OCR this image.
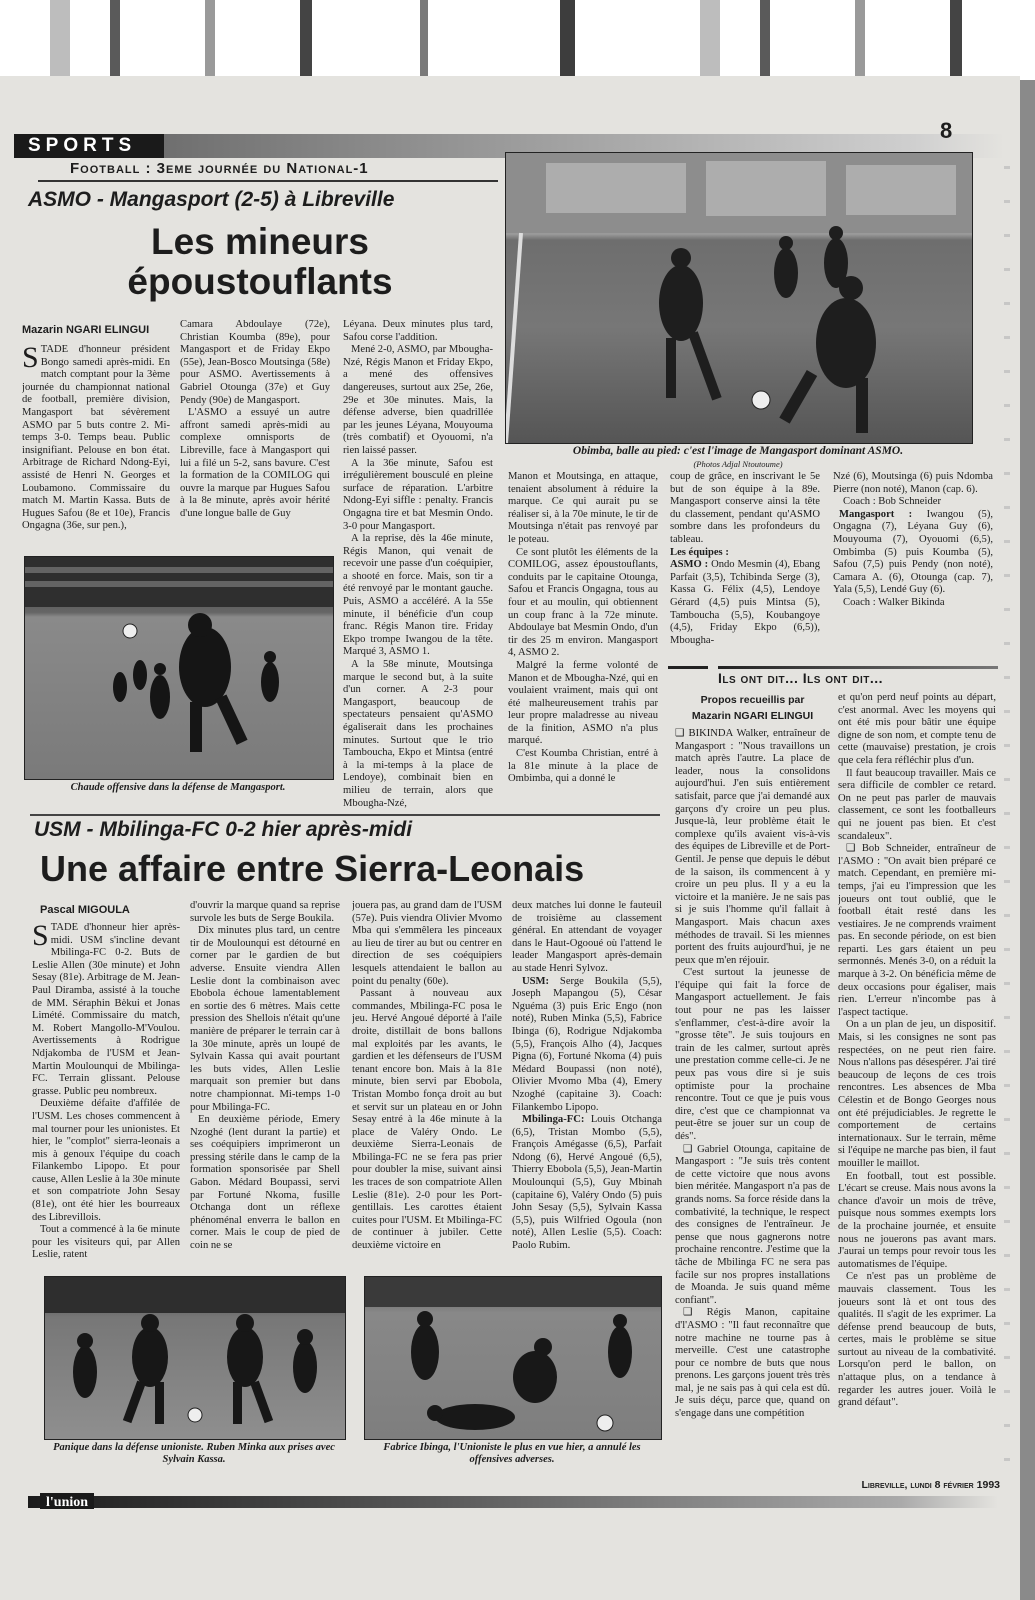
SPORTS
8
Football : 3eme journée du National-1
ASMO - Mangasport (2-5) à Libreville
Les mineurs
époustouflants
Obimba, balle au pied: c'est l'image de Mangasport dominant ASMO.
(Photos Adjal Ntoutoume)
Mazarin NGARI ELINGUI
STADE d'honneur président Bongo samedi après-midi. En match comptant pour la 3ème journée du championnat national de football, première division, Mangasport bat sévèrement ASMO par 5 buts contre 2. Mi-temps 3-0. Temps beau. Public insignifiant. Pelouse en bon état. Arbitrage de Richard Ndong-Eyi, assisté de Henri N. Georges et Loubamono. Commissaire du match M. Martin Kassa. Buts de Hugues Safou (8e et 10e), Francis Ongagna (36e, sur pen.),

Camara Abdoulaye (72e), Christian Koumba (89e), pour Mangasport et de Friday Ekpo (55e), Jean-Bosco Moutsinga (58e) pour ASMO. Avertissements à Gabriel Otounga (37e) et Guy Pendy (90e) de Mangasport.

L'ASMO a essuyé un autre affront samedi après-midi au complexe omnisports de Libreville, face à Mangasport qui lui a filé un 5-2, sans bavure. C'est la formation de la COMILOG qui ouvre la marque par Hugues Safou à la 8e minute, après avoir hérité d'une longue balle de Guy

Léyana. Deux minutes plus tard, Safou corse l'addition.

Mené 2-0, ASMO, par Mbougha-Nzé, Régis Manon et Friday Ekpo, a mené des offensives dangereuses, surtout aux 25e, 26e, 29e et 30e minutes. Mais, la défense adverse, bien quadrillée par les jeunes Léyana, Mouyouma (très combatif) et Oyouomi, n'a rien laissé passer.

A la 36e minute, Safou est irrégulièrement bousculé en pleine surface de réparation. L'arbitre Ndong-Eyi siffle : penalty. Francis Ongagna tire et bat Mesmin Ondo. 3-0 pour Mangasport.

A la reprise, dès la 46e minute, Régis Manon, qui venait de recevoir une passe d'un coéquipier, a shooté en force. Mais, son tir a été renvoyé par le montant gauche. Puis, ASMO a accéléré. A la 55e minute, il bénéficie d'un coup franc. Régis Manon tire. Friday Ekpo trompe Iwangou de la tête. Marqué 3, ASMO 1.

A la 58e minute, Moutsinga marque le second but, à la suite d'un corner. A 2-3 pour Mangasport, beaucoup de spectateurs pensaient qu'ASMO égaliserait dans les prochaines minutes. Surtout que le trio Tamboucha, Ekpo et Mintsa (entré à la mi-temps à la place de Lendoye), combinait bien en milieu de terrain, alors que Mbougha-Nzé,

Manon et Moutsinga, en attaque, tenaient absolument à réduire la marque. Ce qui aurait pu se réaliser si, à la 70e minute, le tir de Moutsinga n'était pas renvoyé par le poteau.

Ce sont plutôt les éléments de la COMILOG, assez époustouflants, conduits par le capitaine Otounga, Safou et Francis Ongagna, tous au four et au moulin, qui obtiennent un coup franc à la 72e minute. Abdoulaye bat Mesmin Ondo, d'un tir des 25 m environ. Mangasport 4, ASMO 2.

Malgré la ferme volonté de Manon et de Mbougha-Nzé, qui en voulaient vraiment, mais qui ont été malheureusement trahis par leur propre maladresse au niveau de la finition, ASMO n'a plus marqué.

C'est Koumba Christian, entré à la 81e minute à la place de Ombimba, qui a donné le

coup de grâce, en inscrivant le 5e but de son équipe à la 89e. Mangasport conserve ainsi la tête du classement, pendant qu'ASMO sombre dans les profondeurs du tableau.

Les équipes :

ASMO : Ondo Mesmin (4), Ebang Parfait (3,5), Tchibinda Serge (3), Kassa G. Félix (4,5), Lendoye Gérard (4,5) puis Mintsa (5), Tamboucha (5,5), Koubangoye (4,5), Friday Ekpo (6,5)), Mbougha-

Nzé (6), Moutsinga (6) puis Ndomba Pierre (non noté), Manon (cap. 6).

Coach : Bob Schneider

Mangasport : Iwangou (5), Ongagna (7), Léyana Guy (6), Mouyouma (7), Oyouomi (6,5), Ombimba (5) puis Koumba (5), Safou (7,5) puis Pendy (non noté), Camara A. (6), Otounga (cap. 7), Yala (5,5), Lendé Guy (6).

Coach : Walker Bikinda

Chaude offensive dans la défense de Mangasport.
Ils ont dit... Ils ont dit...
Propos recueillis par
Mazarin NGARI ELINGUI

❑ BIKINDA Walker, entraîneur de Mangasport : "Nous travaillons un match après l'autre. La place de leader, nous la consolidons aujourd'hui. J'en suis entièrement satisfait, parce que j'ai demandé aux garçons d'y croire un peu plus. Jusque-là, leur problème était le complexe qu'ils avaient vis-à-vis des équipes de Libreville et de Port-Gentil. Je pense que depuis le début de la saison, ils commencent à y croire un peu plus. Il y a eu la victoire et la manière. Je ne sais pas si je suis l'homme qu'il fallait à Mangasport. Mais chacun axes méthodes de travail. Si les miennes portent des fruits aujourd'hui, je ne peux que m'en réjouir.

C'est surtout la jeunesse de l'équipe qui fait la force de Mangasport actuellement. Je fais tout pour ne pas les laisser s'enflammer, c'est-à-dire avoir la "grosse tête". Je suis toujours en train de les calmer, surtout après une prestation comme celle-ci. Je ne peux pas vous dire si je suis optimiste pour la prochaine rencontre. Tout ce que je puis vous dire, c'est que ce championnat va peut-être se jouer sur un coup de dés".

❑ Gabriel Otounga, capitaine de Mangasport : "Je suis très content de cette victoire que nous avons bien méritée. Mangasport n'a pas de grands noms. Sa force réside dans la combativité, la technique, le respect des consignes de l'entraîneur. Je pense que nous gagnerons notre prochaine rencontre. J'estime que la tâche de Mbilinga FC ne sera pas facile sur nos propres installations de Moanda. Je suis quand même confiant".

❑ Régis Manon, capitaine d'l'ASMO : "Il faut reconnaître que notre machine ne tourne pas à merveille. C'est une catastrophe pour ce nombre de buts que nous prenons. Les garçons jouent très très mal, je ne sais pas à qui cela est dû. Je suis déçu, parce que, quand on s'engage dans une compétition

et qu'on perd neuf points au départ, c'est anormal. Avec les moyens qui ont été mis pour bâtir une équipe digne de son nom, et compte tenu de cette (mauvaise) prestation, je crois que cela fera réfléchir plus d'un.

Il faut beaucoup travailler. Mais ce sera difficile de combler ce retard. On ne peut pas parler de mauvais classement, ce sont les footballeurs qui ne jouent pas bien. Et c'est scandaleux".

❑ Bob Schneider, entraîneur de l'ASMO : "On avait bien préparé ce match. Cependant, en première mi-temps, j'ai eu l'impression que les joueurs ont tout oublié, que le football était resté dans les vestiaires. Je ne comprends vraiment pas. En seconde période, on est bien reparti. Les gars étaient un peu sermonnés. Menés 3-0, on a réduit la marque à 3-2. On bénéficia même de deux occasions pour égaliser, mais rien. L'erreur n'incombe pas à l'aspect tactique.

On a un plan de jeu, un dispositif. Mais, si les consignes ne sont pas respectées, on ne peut rien faire. Nous n'allons pas désespérer. J'ai tiré beaucoup de leçons de ces trois rencontres. Les absences de Mba Célestin et de Bongo Georges nous ont été préjudiciables. Je regrette le comportement de certains internationaux. Sur le terrain, même si l'équipe ne marche pas bien, il faut mouiller le maillot.

En football, tout est possible. L'écart se creuse. Mais nous avons la chance d'avoir un mois de trêve, puisque nous sommes exempts lors de la prochaine journée, et ensuite nous ne jouerons pas avant mars. J'aurai un temps pour revoir tous les automatismes de l'équipe.

Ce n'est pas un problème de mauvais classement. Tous les joueurs sont là et ont tous des qualités. Il s'agit de les exprimer. La défense prend beaucoup de buts, certes, mais le problème se situe surtout au niveau de la combativité. Lorsqu'on perd le ballon, on n'attaque plus, on a tendance à regarder les autres jouer. Voilà le grand défaut".

USM - Mbilinga-FC 0-2 hier après-midi
Une affaire entre Sierra-Leonais
Pascal MIGOULA

STADE d'honneur hier après-midi. USM s'incline devant Mbilinga-FC 0-2. Buts de Leslie Allen (30e minute) et John Sesay (81e). Arbitrage de M. Jean-Paul Diramba, assisté à la touche de MM. Séraphin Bèkui et Jonas Limété. Commissaire du match, M. Robert Mangollo-M'Voulou. Avertissements à Rodrigue Ndjakomba de l'USM et Jean-Martin Moulounqui de Mbilinga-FC. Terrain glissant. Pelouse grasse. Public peu nombreux.

Deuxième défaite d'affilée de l'USM. Les choses commencent à mal tourner pour les unionistes. Et hier, le "complot" sierra-leonais a mis à genoux l'équipe du coach Filankembo Lipopo. Et pour cause, Allen Leslie à la 30e minute et son compatriote John Sesay (81e), ont été hier les bourreaux des Librevillois.

Tout a commencé à la 6e minute pour les visiteurs qui, par Allen Leslie, ratent

d'ouvrir la marque quand sa reprise survole les buts de Serge Boukila.

Dix minutes plus tard, un centre tir de Moulounqui est détourné en corner par le gardien de but adverse. Ensuite viendra Allen Leslie dont la combinaison avec Ebobola échoue lamentablement en sortie des 6 mètres. Mais cette pression des Shellois n'était qu'une manière de préparer le terrain car à la 30e minute, après un loupé de Sylvain Kassa qui avait pourtant les buts vides, Allen Leslie marquait son premier but dans notre championnat. Mi-temps 1-0 pour Mbilinga-FC.

En deuxième période, Emery Nzoghé (lent durant la partie) et ses coéquipiers imprimeront un pressing stérile dans le camp de la formation sponsorisée par Shell Gabon. Médard Boupassi, servi par Fortuné Nkoma, fusille Otchanga dont un réflexe phénoménal enverra le ballon en corner. Mais le coup de pied de coin ne se

jouera pas, au grand dam de l'USM (57e). Puis viendra Olivier Mvomo Mba qui s'emmêlera les pinceaux au lieu de tirer au but ou centrer en direction de ses coéquipiers lesquels attendaient le ballon au point du penalty (60e).

Passant à nouveau aux commandes, Mbilinga-FC posa le jeu. Hervé Angoué déporté à l'aile droite, distillait de bons ballons mal exploités par les avants, le gardien et les défenseurs de l'USM tenant encore bon. Mais à la 81e minute, bien servi par Ebobola, Tristan Mombo fonça droit au but et servit sur un plateau en or John Sesay entré à la 46e minute à la place de Valéry Ondo. Le deuxième Sierra-Leonais de Mbilinga-FC ne se fera pas prier pour doubler la mise, suivant ainsi les traces de son compatriote Allen Leslie (81e). 2-0 pour les Port-gentillais. Les carottes étaient cuites pour l'USM. Et Mbilinga-FC de continuer à jubiler. Cette deuxième victoire en

deux matches lui donne le fauteuil de troisième au classement général. En attendant de voyager dans le Haut-Ogooué où l'attend le leader Mangasport après-demain au stade Henri Sylvoz.

USM: Serge Boukila (5,5), Joseph Mapangou (5), César Nguéma (3) puis Eric Engo (non noté), Ruben Minka (5,5), Fabrice Ibinga (6), Rodrigue Ndjakomba (5,5), François Alho (4), Jacques Pigna (6), Fortuné Nkoma (4) puis Médard Boupassi (non noté), Olivier Mvomo Mba (4), Emery Nzoghé (capitaine 3). Coach: Filankembo Lipopo.

Mbilinga-FC: Louis Otchanga (6,5), Tristan Mombo (5,5), François Amégasse (6,5), Parfait Ndong (6), Hervé Angoué (6,5), Thierry Ebobola (5,5), Jean-Martin Moulounqui (5,5), Guy Mbinah (capitaine 6), Valéry Ondo (5) puis John Sesay (5,5), Sylvain Kassa (5,5), puis Wilfried Ogoula (non noté), Allen Leslie (5,5). Coach: Paolo Rubim.

Panique dans la défense unioniste. Ruben Minka aux prises avec Sylvain Kassa.
Fabrice Ibinga, l'Unioniste le plus en vue hier, a annulé les offensives adverses.
l'union
Libreville, lundi 8 février 1993
